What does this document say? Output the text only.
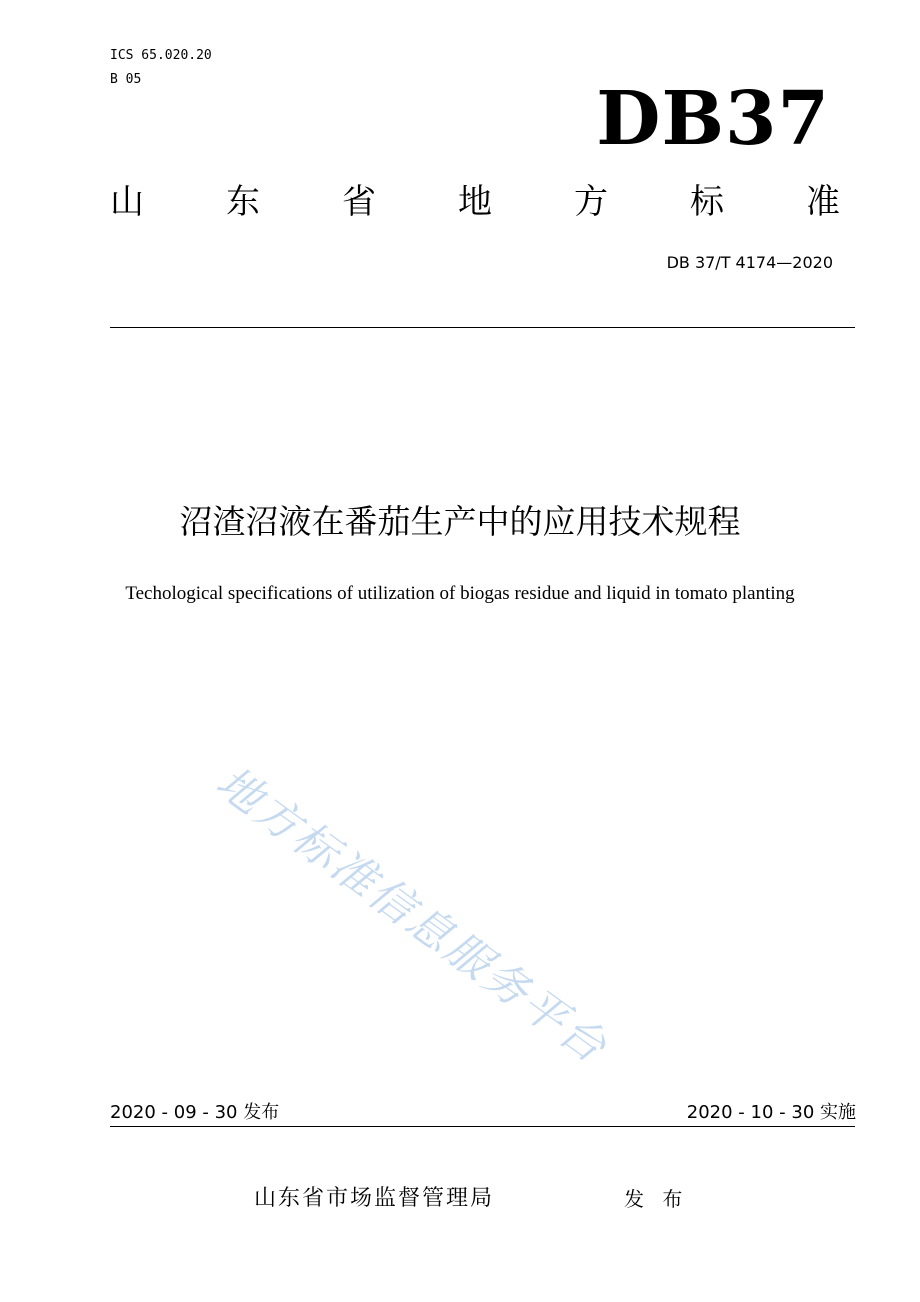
ICS 65.020.20
B 05	DB37
山 东 省 地 方 标 准
DB 37/T 4174—2020
沼渣沼液在番茄生产中的应用技术规程
Techological specifications of utilization of biogas residue and liquid in tomato planting
地方标准信息服务平台
2020 - 09 - 30 发布	2020 - 10 - 30 实施
山东省市场监督管理局	发 布
